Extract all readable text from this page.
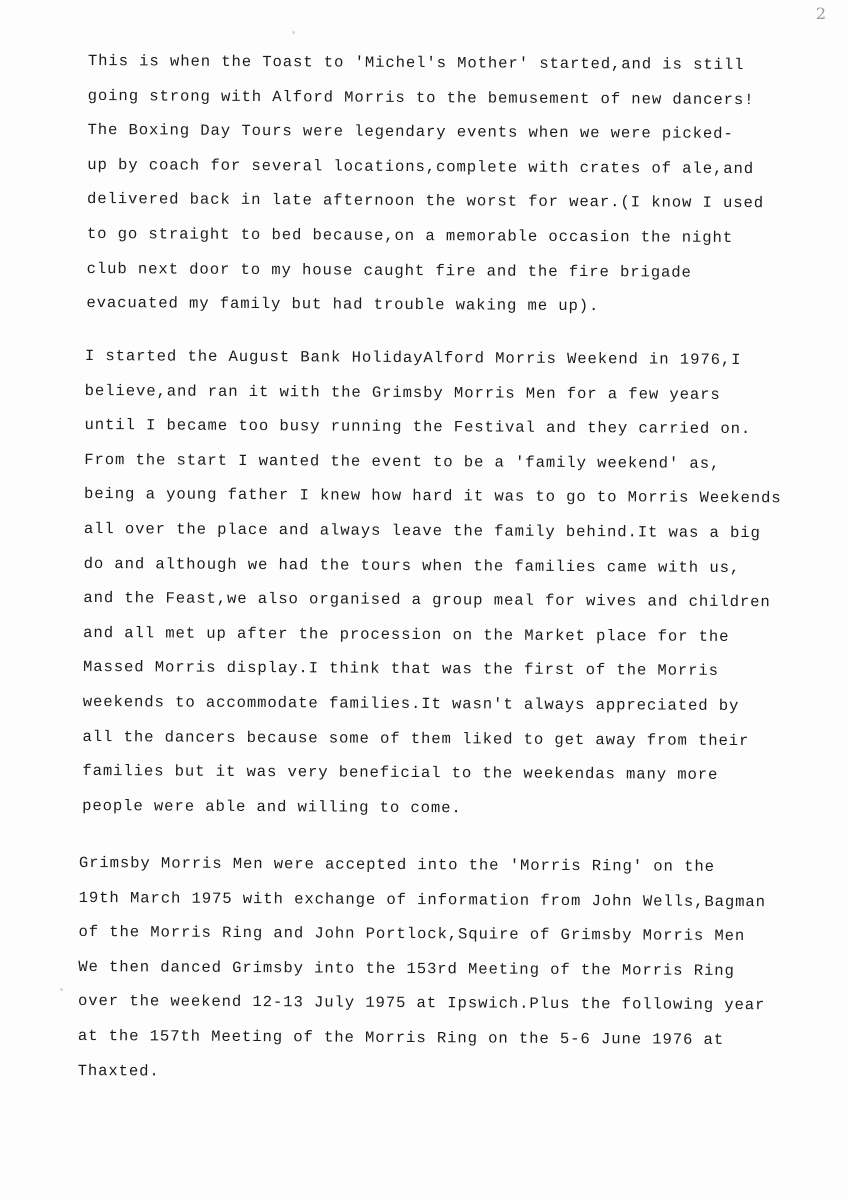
2
This is when the Toast to 'Michel's Mother' started,and is still
going strong with Alford Morris to the bemusement of new dancers!
The Boxing Day Tours were legendary events when we were picked-
up by coach for several locations,complete with crates of ale,and
delivered back in late afternoon the worst for wear.(I know I used
to go straight to bed because,on a memorable occasion the night
club next door to my house caught fire and the fire brigade
evacuated my family but had trouble waking me up).
I started the August Bank HolidayAlford Morris Weekend in 1976,I
believe,and ran it with the Grimsby Morris Men for a few years
until I became too busy running the Festival and they carried on.
From the start I wanted the event to be a 'family weekend' as,
being a young father I knew how hard it was to go to Morris Weekends
all over the place and always leave the family behind.It was a big
do and although we had the tours when the families came with us,
and the Feast,we also organised a group meal for wives and children
and all met up after the procession on the Market place for the
Massed Morris display.I think that was the first of the Morris
weekends to accommodate families.It wasn't always appreciated by
all the dancers because some of them liked to get away from their
families but it was very beneficial to the weekendas many more
people were able and willing to come.
Grimsby Morris Men were accepted into the 'Morris Ring' on the
19th March 1975 with exchange of information from John Wells,Bagman
of the Morris Ring and John Portlock,Squire of Grimsby Morris Men
We then danced Grimsby into the 153rd Meeting of the Morris Ring
over the weekend 12-13 July 1975 at Ipswich.Plus the following year
at the 157th Meeting of the Morris Ring on the 5-6 June 1976 at
Thaxted.
